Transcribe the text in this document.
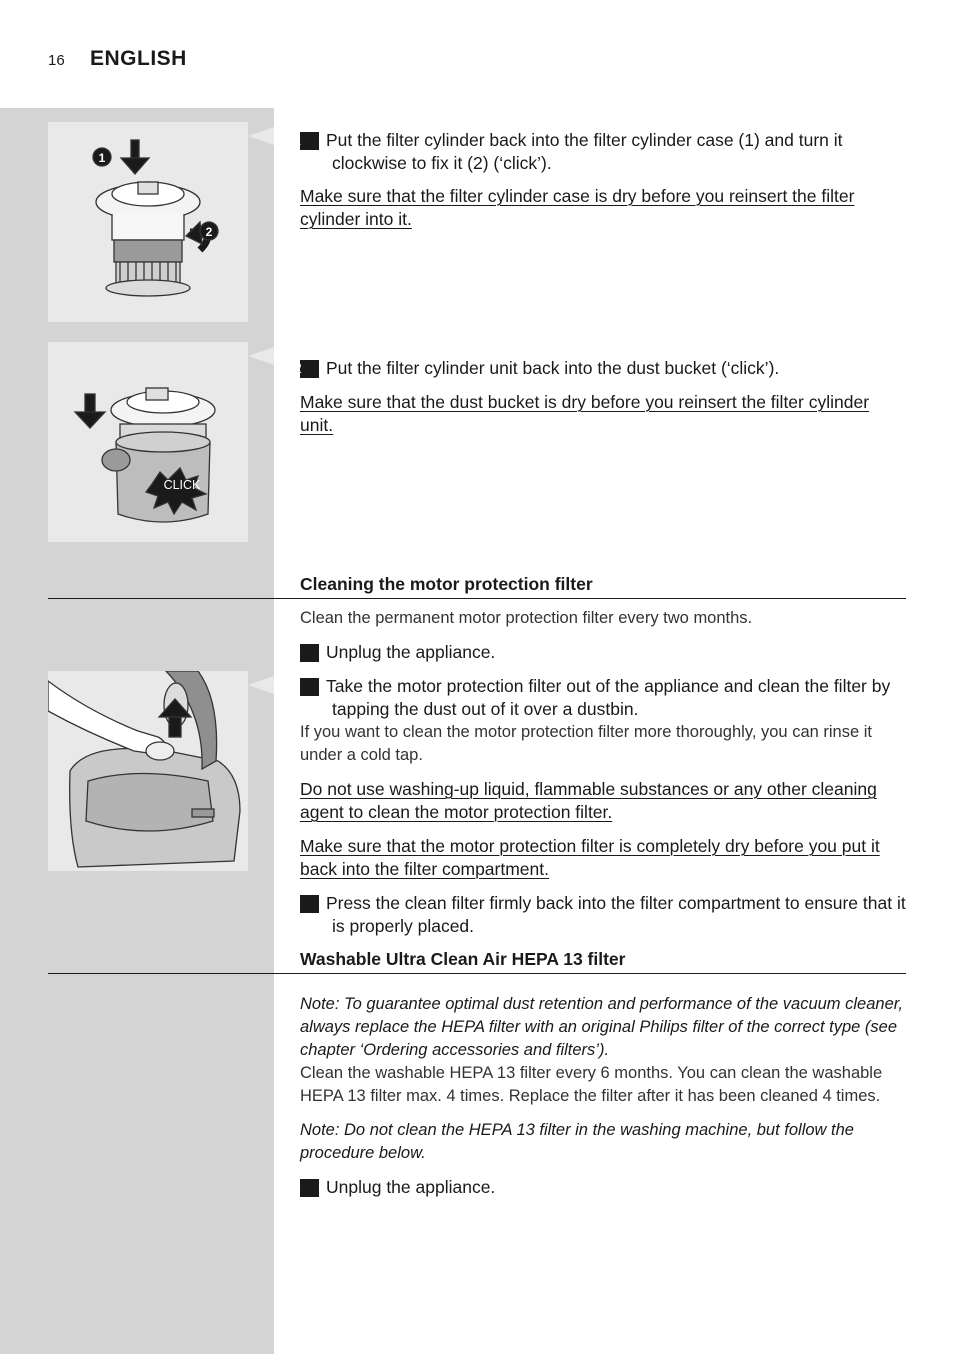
16 ENGLISH
1
2
11 Put the filter cylinder back into the filter cylinder case (1) and turn it clockwise to fix it (2) (‘click’).
Make sure that the filter cylinder case is dry before you reinsert the filter cylinder into it.
CLICK
12 Put the filter cylinder unit back into the dust bucket (‘click’).
Make sure that the dust bucket is dry before you reinsert the filter cylinder unit.
Cleaning the motor protection filter
Clean the permanent motor protection filter every two months.
1 Unplug the appliance.
2 Take the motor protection filter out of the appliance and clean the filter by tapping the dust out of it over a dustbin.
If you want to clean the motor protection filter more thoroughly, you can rinse it under a cold tap.
Do not use washing-up liquid, flammable substances or any other cleaning agent to clean the motor protection filter.
Make sure that the motor protection filter is completely dry before you put it back into the filter compartment.
3 Press the clean filter firmly back into the filter compartment to ensure that it is properly placed.
Washable Ultra Clean Air HEPA 13 filter
Note: To guarantee optimal dust retention and performance of the vacuum cleaner, always replace the HEPA filter with an original Philips filter of the correct type (see chapter ‘Ordering accessories and filters’).
Clean the washable HEPA 13 filter every 6 months. You can clean the washable HEPA 13 filter max. 4 times. Replace the filter after it has been cleaned 4 times.
Note: Do not clean the HEPA 13 filter in the washing machine, but follow the procedure below.
1 Unplug the appliance.
